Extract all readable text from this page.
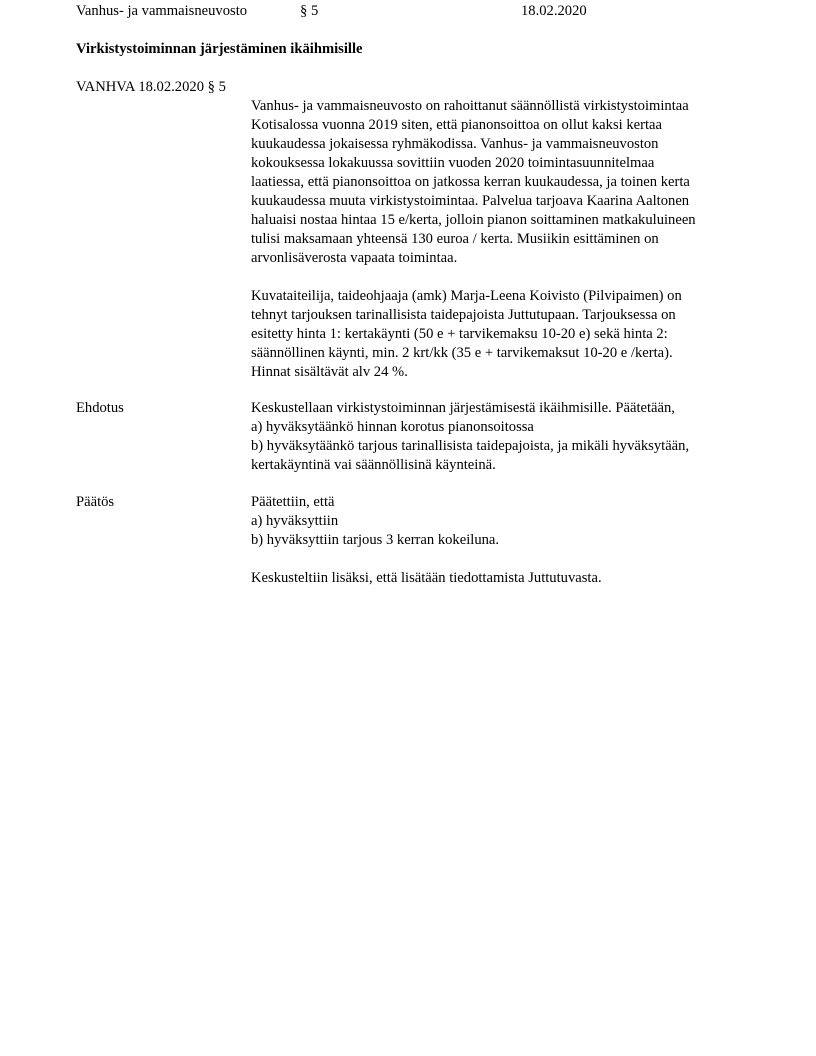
Vanhus- ja vammaisneuvosto	§ 5	18.02.2020
Virkistystoiminnan järjestäminen ikäihmisille
VANHVA 18.02.2020 § 5
Vanhus- ja vammaisneuvosto on rahoittanut säännöllistä virkistystoimintaa
Kotisalossa vuonna 2019 siten, että pianonsoittoa on ollut kaksi kertaa
kuukaudessa jokaisessa ryhmäkodissa. Vanhus- ja vammaisneuvoston
kokouksessa lokakuussa sovittiin vuoden 2020 toimintasuunnitelmaa
laatiessa, että pianonsoittoa on jatkossa kerran kuukaudessa, ja toinen kerta
kuukaudessa muuta virkistystoimintaa. Palvelua tarjoava Kaarina Aaltonen
haluaisi nostaa hintaa 15 e/kerta, jolloin pianon soittaminen matkakuluineen
tulisi maksamaan yhteensä 130 euroa / kerta. Musiikin esittäminen on
arvonlisäverosta vapaata toimintaa.
Kuvataiteilija, taideohjaaja (amk) Marja-Leena Koivisto (Pilvipaimen) on
tehnyt tarjouksen tarinallisista taidepajoista Juttutupaan. Tarjouksessa on
esitetty hinta 1: kertakäynti (50 e + tarvikemaksu 10-20 e) sekä hinta 2:
säännöllinen käynti, min. 2 krt/kk (35 e + tarvikemaksut 10-20 e /kerta).
Hinnat sisältävät alv 24 %.
Ehdotus	Keskustellaan virkistystoiminnan järjestämisestä ikäihmisille. Päätetään,
a) hyväksytäänkö hinnan korotus pianonsoitossa
b) hyväksytäänkö tarjous tarinallisista taidepajoista, ja mikäli hyväksytään,
kertakäyntinä vai säännöllisinä käynteinä.
Päätös	Päätettiin, että
a) hyväksyttiin
b) hyväksyttiin tarjous 3 kerran kokeiluna.
Keskusteltiin lisäksi, että lisätään tiedottamista Juttutuvasta.
